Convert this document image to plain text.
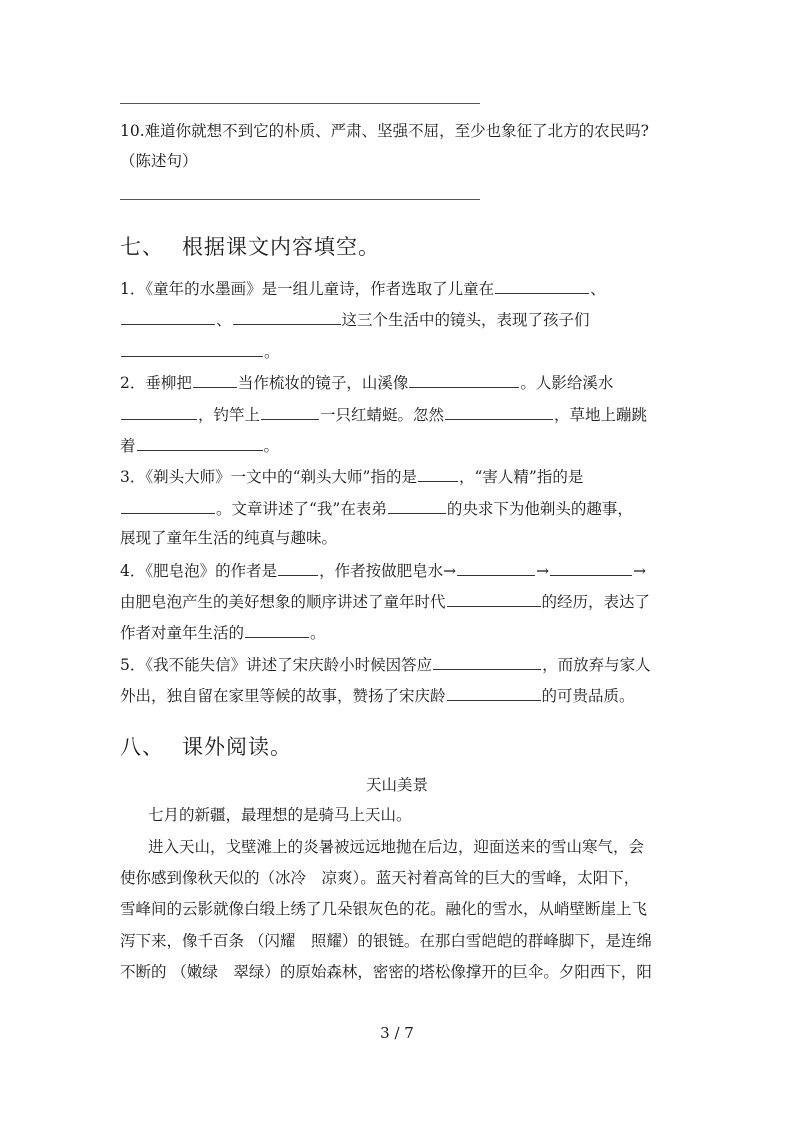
10.难道你就想不到它的朴质、严肃、坚强不屈，至少也象征了北方的农民吗?
（陈述句）
七、 根据课文内容填空。
1．《童年的水墨画》是一组儿童诗，作者选取了儿童在	、
、	这三个生活中的镜头，表现了孩子们
。
2．垂柳把	当作梳妆的镜子，山溪像	。人影给溪水
，钓竿上	一只红蜻蜓。忽然	，草地上蹦跳
着	。
3．《剃头大师》一文中的“剃头大师”指的是	，“害人精”指的是
。文章讲述了“我”在表弟	的央求下为他剃头的趣事，
展现了童年生活的纯真与趣味。
4．《肥皂泡》的作者是	，作者按做肥皂水→	→	→
由肥皂泡产生的美好想象的顺序讲述了童年时代	的经历，表达了
作者对童年生活的	。
5．《我不能失信》讲述了宋庆龄小时候因答应	，而放弃与家人
外出，独自留在家里等候的故事，赞扬了宋庆龄	的可贵品质。
八、 课外阅读。
天山美景
七月的新疆，最理想的是骑马上天山。
进入天山，戈壁滩上的炎暑被远远地抛在后边，迎面送来的雪山寒气，会
使你感到像秋天似的（冰冷　凉爽）。蓝天衬着高耸的巨大的雪峰，太阳下，
雪峰间的云影就像白缎上绣了几朵银灰色的花。融化的雪水，从峭壁断崖上飞
泻下来，像千百条 （闪耀　照耀）的银链。在那白雪皑皑的群峰脚下，是连绵
不断的 （嫩绿　翠绿）的原始森林，密密的塔松像撑开的巨伞。夕阳西下，阳
3 / 7
